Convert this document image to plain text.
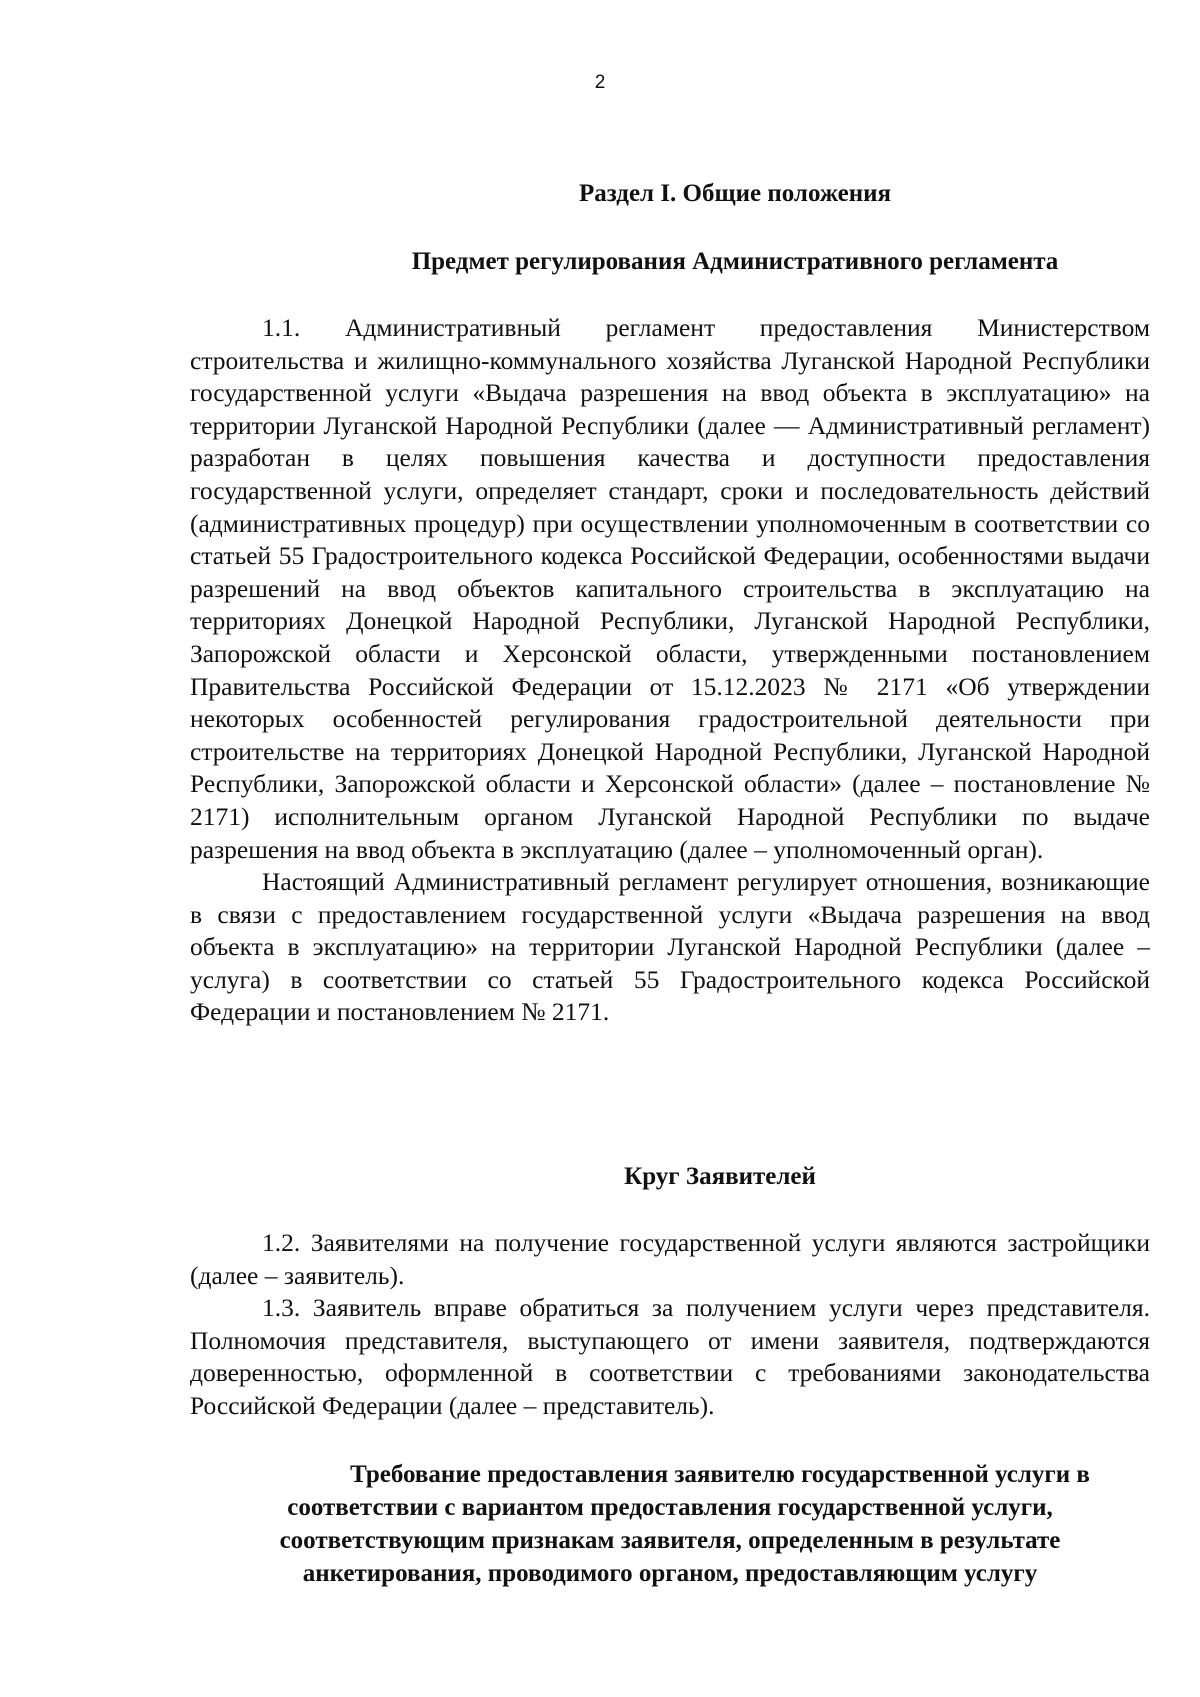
2
Раздел I. Общие положения
Предмет регулирования Административного регламента

1.1. Административный регламент предоставления Министерством строительства и жилищно-коммунального хозяйства Луганской Народной Республики государственной услуги «Выдача разрешения на ввод объекта в эксплуатацию» на территории Луганской Народной Республики (далее — Административный регламент) разработан в целях повышения качества и доступности предоставления государственной услуги, определяет стандарт, сроки и последовательность действий (административных процедур) при осуществлении уполномоченным в соответствии со статьей 55 Градостроительного кодекса Российской Федерации, особенностями выдачи разрешений на ввод объектов капитального строительства в эксплуатацию на территориях Донецкой Народной Республики, Луганской Народной Республики, Запорожской области и Херсонской области, утвержденными постановлением Правительства Российской Федерации от 15.12.2023 № 2171 «Об утверждении некоторых особенностей регулирования градостроительной деятельности при строительстве на территориях Донецкой Народной Республики, Луганской Народной Республики, Запорожской области и Херсонской области» (далее – постановление № 2171) исполнительным органом Луганской Народной Республики по выдаче разрешения на ввод объекта в эксплуатацию (далее – уполномоченный орган).

Настоящий Административный регламент регулирует отношения, возникающие в связи с предоставлением государственной услуги «Выдача разрешения на ввод объекта в эксплуатацию» на территории Луганской Народной Республики (далее – услуга) в соответствии со статьей 55 Градостроительного кодекса Российской Федерации и постановлением № 2171.

Круг Заявителей

1.2. Заявителями на получение государственной услуги являются застройщики (далее – заявитель).

1.3. Заявитель вправе обратиться за получением услуги через представителя. Полномочия представителя, выступающего от имени заявителя, подтверждаются доверенностью, оформленной в соответствии с требованиями законодательства Российской Федерации (далее – представитель).

Требование предоставления заявителю государственной услуги в
соответствии с вариантом предоставления государственной услуги,
соответствующим признакам заявителя, определенным в результате
анкетирования, проводимого органом, предоставляющим услугу
